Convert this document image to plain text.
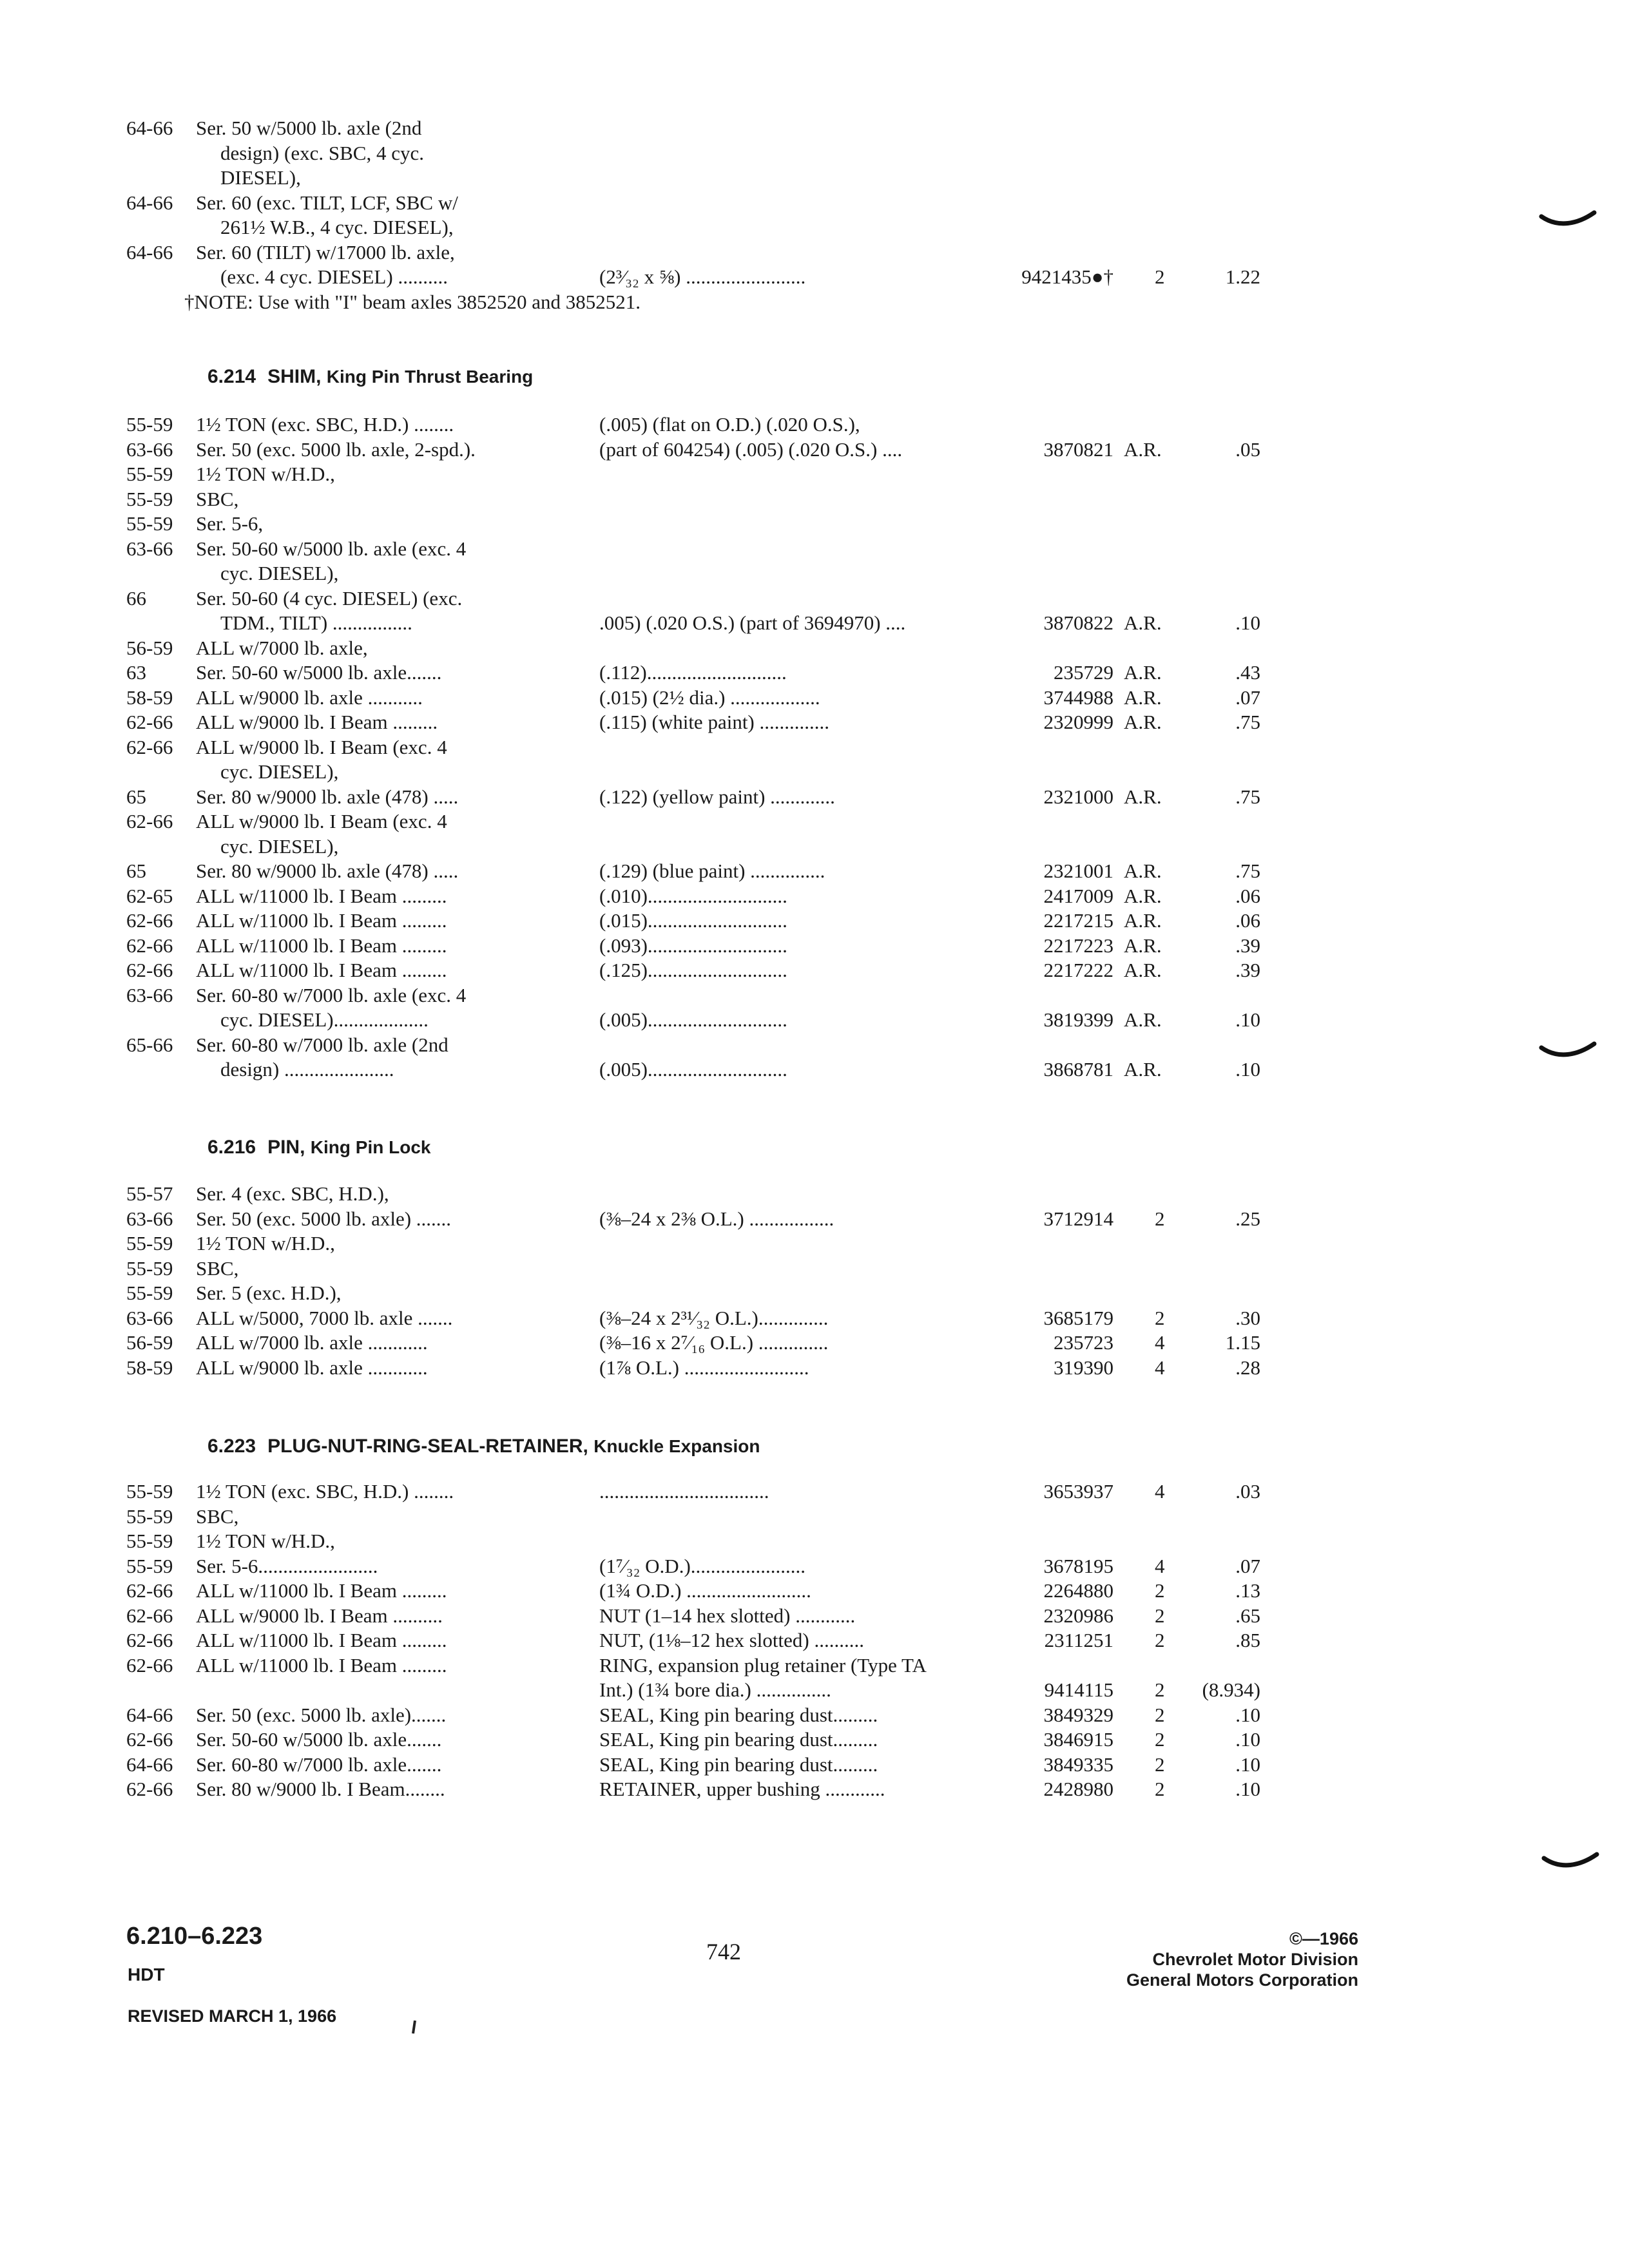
64-66 Ser. 50 w/5000 lb. axle (2nd
design) (exc. SBC, 4 cyc.
DIESEL),
64-66 Ser. 60 (exc. TILT, LCF, SBC w/
261½ W.B., 4 cyc. DIESEL),
64-66 Ser. 60 (TILT) w/17000 lb. axle,
(exc. 4 cyc. DIESEL) ..........	(2³⁄₃₂ x ⅝) ........................	9421435●† 2	1.22
†NOTE: Use with "I" beam axles 3852520 and 3852521.
6.214 SHIM, King Pin Thrust Bearing
55-59 1½ TON (exc. SBC, H.D.) ........	(.005) (flat on O.D.) (.020 O.S.),
63-66 Ser. 50 (exc. 5000 lb. axle, 2-spd.).	(part of 604254) (.005) (.020 O.S.) ....	3870821 A.R.	.05
55-59 1½ TON w/H.D.,
55-59 SBC,
55-59 Ser. 5-6,
63-66 Ser. 50-60 w/5000 lb. axle (exc. 4
cyc. DIESEL),
66 Ser. 50-60 (4 cyc. DIESEL) (exc.
TDM., TILT) ................	.005) (.020 O.S.) (part of 3694970) ....	3870822 A.R.	.10
56-59 ALL w/7000 lb. axle,
63 Ser. 50-60 w/5000 lb. axle.......	(.112)............................	235729 A.R.	.43
58-59 ALL w/9000 lb. axle ...........	(.015) (2½ dia.) ..................	3744988 A.R.	.07
62-66 ALL w/9000 lb. I Beam .........	(.115) (white paint) ..............	2320999 A.R.	.75
62-66 ALL w/9000 lb. I Beam (exc. 4
cyc. DIESEL),
65 Ser. 80 w/9000 lb. axle (478) .....	(.122) (yellow paint) .............	2321000 A.R.	.75
62-66 ALL w/9000 lb. I Beam (exc. 4
cyc. DIESEL),
65 Ser. 80 w/9000 lb. axle (478) .....	(.129) (blue paint) ...............	2321001 A.R.	.75
62-65 ALL w/11000 lb. I Beam .........	(.010)............................	2417009 A.R.	.06
62-66 ALL w/11000 lb. I Beam .........	(.015)............................	2217215 A.R.	.06
62-66 ALL w/11000 lb. I Beam .........	(.093)............................	2217223 A.R.	.39
62-66 ALL w/11000 lb. I Beam .........	(.125)............................	2217222 A.R.	.39
63-66 Ser. 60-80 w/7000 lb. axle (exc. 4
cyc. DIESEL)...................	(.005)............................	3819399 A.R.	.10
65-66 Ser. 60-80 w/7000 lb. axle (2nd
design) ......................	(.005)............................	3868781 A.R.	.10
6.216 PIN, King Pin Lock
55-57 Ser. 4 (exc. SBC, H.D.),
63-66 Ser. 50 (exc. 5000 lb. axle) .......	(⅜–24 x 2⅜ O.L.) .................	3712914 2	.25
55-59 1½ TON w/H.D.,
55-59 SBC,
55-59 Ser. 5 (exc. H.D.),
63-66 ALL w/5000, 7000 lb. axle .......	(⅜–24 x 2³¹⁄₃₂ O.L.)..............	3685179 2	.30
56-59 ALL w/7000 lb. axle ............	(⅜–16 x 2⁷⁄₁₆ O.L.) ..............	235723 4	1.15
58-59 ALL w/9000 lb. axle ............	(1⅞ O.L.) .........................	319390 4	.28
6.223 PLUG-NUT-RING-SEAL-RETAINER, Knuckle Expansion
55-59 1½ TON (exc. SBC, H.D.) ........	..................................	3653937 4	.03
55-59 SBC,
55-59 1½ TON w/H.D.,
55-59 Ser. 5-6........................	(1⁷⁄₃₂ O.D.).......................	3678195 4	.07
62-66 ALL w/11000 lb. I Beam .........	(1¾ O.D.) .........................	2264880 2	.13
62-66 ALL w/9000 lb. I Beam ..........	NUT (1–14 hex slotted) ............	2320986 2	.65
62-66 ALL w/11000 lb. I Beam .........	NUT, (1⅛–12 hex slotted) ..........	2311251 2	.85
62-66 ALL w/11000 lb. I Beam .........	RING, expansion plug retainer (Type TA
Int.) (1¾ bore dia.) ...............	9414115 2 (8.934)
64-66 Ser. 50 (exc. 5000 lb. axle).......	SEAL, King pin bearing dust.........	3849329 2	.10
62-66 Ser. 50-60 w/5000 lb. axle.......	SEAL, King pin bearing dust.........	3846915 2	.10
64-66 Ser. 60-80 w/7000 lb. axle.......	SEAL, King pin bearing dust.........	3849335 2	.10
62-66 Ser. 80 w/9000 lb. I Beam........	RETAINER, upper bushing ............	2428980 2	.10
6.210–6.223
HDT
REVISED MARCH 1, 1966
742	©—1966
Chevrolet Motor Division
General Motors Corporation
